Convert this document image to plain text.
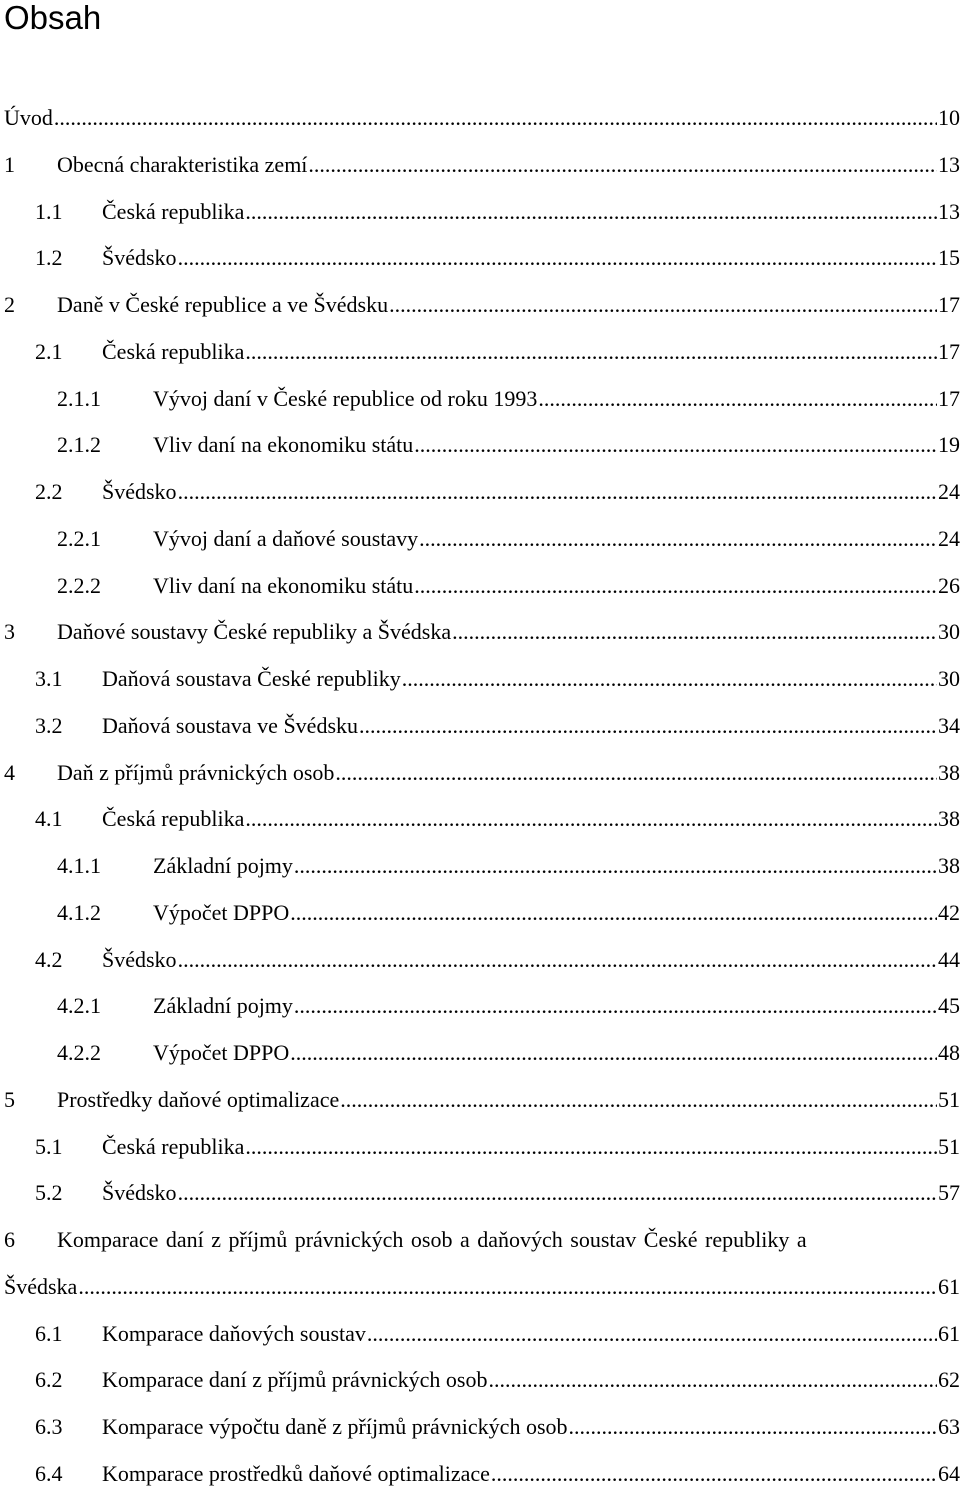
Obsah
Úvod .....	10
1	Obecná charakteristika zemí .....	13
1.1	Česká republika .....	13
1.2	Švédsko .....	15
2	Daně v České republice a ve Švédsku .....	17
2.1	Česká republika .....	17
2.1.1	Vývoj daní v České republice od roku 1993 .....	17
2.1.2	Vliv daní na ekonomiku státu .....	19
2.2	Švédsko .....	24
2.2.1	Vývoj daní a daňové soustavy .....	24
2.2.2	Vliv daní na ekonomiku státu .....	26
3	Daňové soustavy České republiky a Švédska .....	30
3.1	Daňová soustava České republiky .....	30
3.2	Daňová soustava ve Švédsku .....	34
4	Daň z příjmů právnických osob .....	38
4.1	Česká republika .....	38
4.1.1	Základní pojmy .....	38
4.1.2	Výpočet DPPO .....	42
4.2	Švédsko .....	44
4.2.1	Základní pojmy .....	45
4.2.2	Výpočet DPPO .....	48
5	Prostředky daňové optimalizace .....	51
5.1	Česká republika .....	51
5.2	Švédsko .....	57
6	Komparace daní z příjmů právnických osob a daňových soustav České republiky a
Švédska .....	61
6.1	Komparace daňových soustav .....	61
6.2	Komparace daní z příjmů právnických osob .....	62
6.3	Komparace výpočtu daně z příjmů právnických osob .....	63
6.4	Komparace prostředků daňové optimalizace .....	64
